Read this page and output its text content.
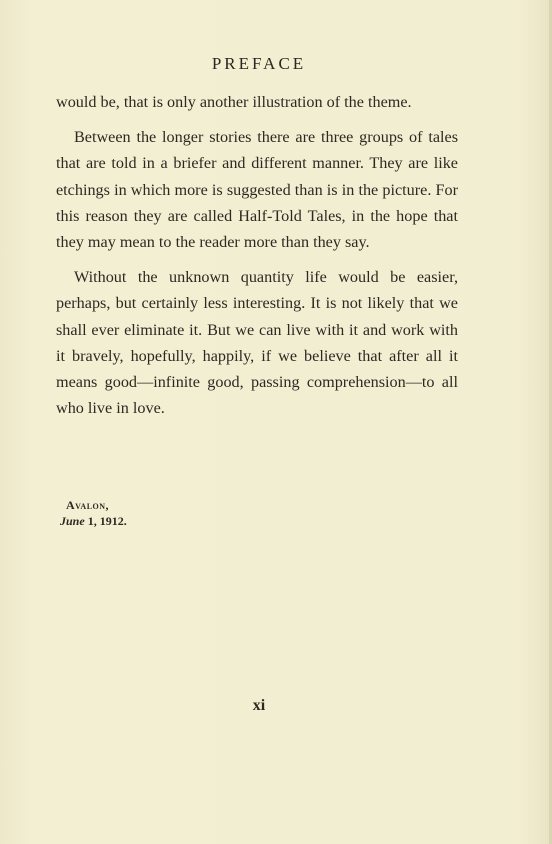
PREFACE

would be, that is only another illustration of the theme.

Between the longer stories there are three groups of tales that are told in a briefer and different manner. They are like etchings in which more is suggested than is in the picture. For this reason they are called Half-Told Tales, in the hope that they may mean to the reader more than they say.

Without the unknown quantity life would be easier, perhaps, but certainly less interesting. It is not likely that we shall ever eliminate it. But we can live with it and work with it bravely, hopefully, happily, if we believe that after all it means good—infinite good, passing comprehension—to all who live in love.

Avalon,
June 1, 1912.
xi
